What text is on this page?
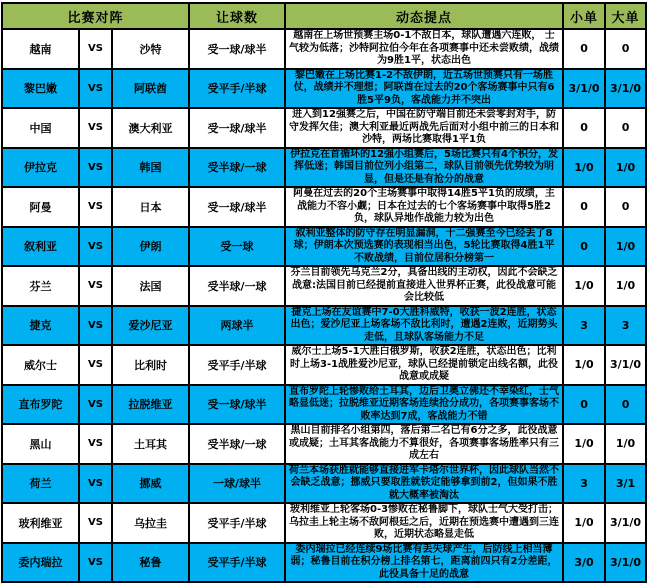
比赛对阵			让球数	动态提点	小单	大单
越南	VS	沙特	受一球/球半	越南在上场世预赛主场0-1不敌日本，球队遭遇六连败， 士气较为低落；沙特阿拉伯今年在各项赛事中还未尝败绩，战绩为9胜1平，状态出色	0	0
黎巴嫩	VS	阿联酋	受平手/半球	黎巴嫩在上场比赛1-2不敌伊朗，近五场世预赛只有一场胜仗，战绩并不理想；阿联酋在过去的20个客场赛事中只有6胜5平9负，客战能力并不突出	3/1/0	3/1/0
中国	VS	澳大利亚	受一球/球半	进入到12强赛之后，中国在防守端目前还未尝零封对手，防守发挥欠佳；澳大利亚最近两战先后面对小组中前三的日本和沙特，两场比赛取得1平1负	0	0
伊拉克	VS	韩国	受半球/一球	伊拉克在首循环的12强小组赛后，5场比赛只有4个积分，发挥低迷；韩国目前位列小组第二，球队目前领先优势较为明显，但是还是有抢分的战意	1/0	1/0
阿曼	VS	日本	受一球/球半	阿曼在过去的20个主场赛事中取得14胜5平1负的成绩，主战能力不容小觑；日本在过去的七个客场赛事中取得5胜2负，球队异地作战能力较为出色	0	0
叙利亚	VS	伊朗	受一球	叙利亚整体的防守存在明显漏洞，十二强赛至今已经丢了8球；伊朗本次预选赛的表现相当出色，5轮比赛取得4胜1平不败战绩，目前位居积分榜第一	0	1/0
芬兰	VS	法国	受半球/一球	芬兰目前领先乌克兰2分，具备出线的主动权，因此不会缺乏战意:法国目前已经提前直接进入世界杯正赛，此役战意可能会比较低	1/0	1/0
捷克	VS	爱沙尼亚	两球半	捷克上场在友谊赛中7-0大胜科威特，收获一波2连胜，状态出色；爱沙尼亚上场客场不敌比利时，遭遇2连败，近期势头走低，且球队客场能力不足	3	3
威尔士	VS	比利时	受平手/半球	威尔士上场5-1大胜白俄罗斯，收获2连胜，状态出色；比利时上场3-1战胜爱沙尼亚，球队已经提前锁定出线名额，此役战意或成疑	1/0	3/1/0
直布罗陀	VS	拉脱维亚	受一球/球半	直布罗陀上轮惨败给土耳其，边后卫奥立佛还不幸染红，士气略显低迷；拉脱维亚近期客场连续抢分成功，各项赛事客场不败率达到7成，客战能力不错	0	0
黑山	VS	土耳其	受半球/一球	黑山目前排名小组第四，落后第二名已有6分之多，此役战意或成疑；土耳其客战能力不算很好，各项赛事客场胜率只有三成左右	1/0	1/0
荷兰	VS	挪威	一球/球半	荷兰本场获胜就能够直接进军卡塔尔世界杯，因此球队当然不会缺乏战意；挪威只要取胜就铁定能够拿到前2，但如果不胜就大概率被淘汰	3	3/1
玻利维亚	VS	乌拉圭	受平手/半球	玻利维亚上轮客场0-3惨败在秘鲁脚下，球队士气大受打击；乌拉圭上轮主场不敌阿根廷之后，近期在预选赛中遭遇到三连败，近期状态略显走低	1/0	3/1/0
委内瑞拉	VS	秘鲁	受平手/半球	委内瑞拉已经连续9场比赛有丢失球产生，后防线上相当薄弱；秘鲁目前在积分榜上排名第七，距离前四只有2分差距，此役具备十足的战意	3/0	3/1/0
